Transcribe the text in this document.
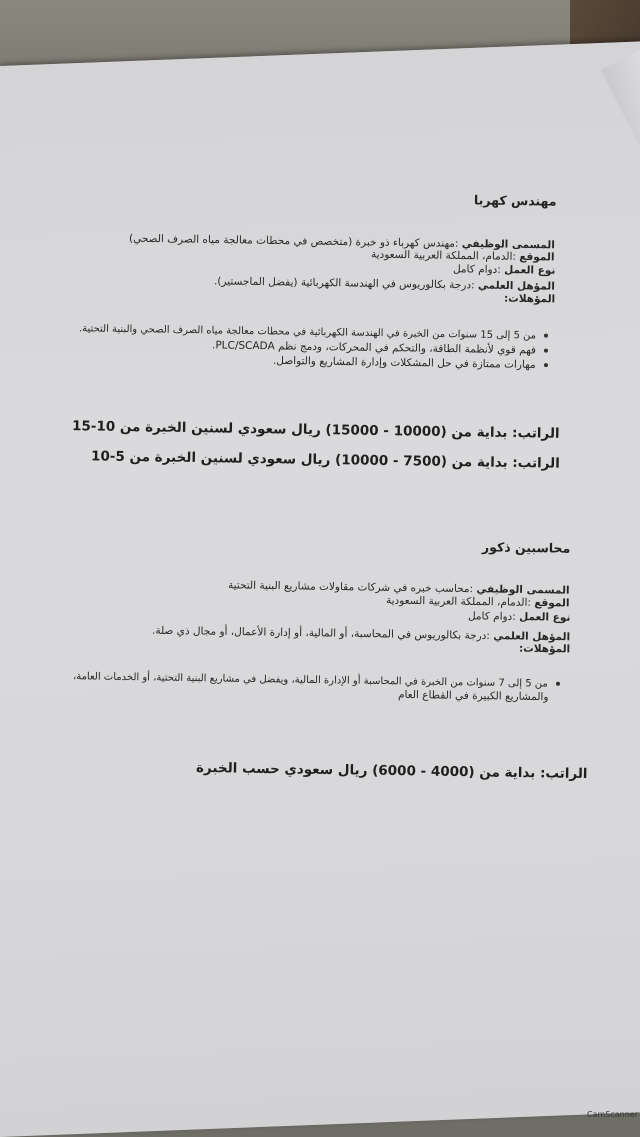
مهندس كهربا
المسمى الوظيفي :مهندس كهرباء ذو خبرة (متخصص في محطات معالجة مياه الصرف الصحي)
الموقع :الدمام، المملكة العربية السعودية
نوع العمل :دوام كامل
المؤهل العلمي :درجة بكالوريوس في الهندسة الكهربائية (يفضل الماجستير).
المؤهلات:
من 5 إلى 15 سنوات من الخبرة في الهندسة الكهربائية في محطات معالجة مياه الصرف الصحي والبنية التحتية.
فهم قوي لأنظمة الطاقة، والتحكم في المحركات، ودمج نظم PLC/SCADA.
مهارات ممتازة في حل المشكلات وإدارة المشاريع والتواصل.
الراتب: بداية من (10000 - 15000) ريال سعودي لسنين الخبرة من 10-15
الراتب: بداية من (7500 - 10000) ريال سعودي لسنين الخبرة من 5-10
محاسبين ذكور
المسمى الوظيفي :محاسب خبره في شركات مقاولات مشاريع البنية التحتية
الموقع :الدمام، المملكة العربية السعودية
نوع العمل :دوام كامل
المؤهل العلمي :درجة بكالوريوس في المحاسبة، أو المالية، أو إدارة الأعمال، أو مجال ذي صلة.
المؤهلات:
من 5 إلى 7 سنوات من الخبرة في المحاسبة أو الإدارة المالية، ويفضل في مشاريع البنية التحتية، أو الخدمات العامة،
والمشاريع الكبيرة في القطاع العام
الراتب: بداية من (4000 - 6000) ريال سعودي حسب الخبرة
CamScanner
